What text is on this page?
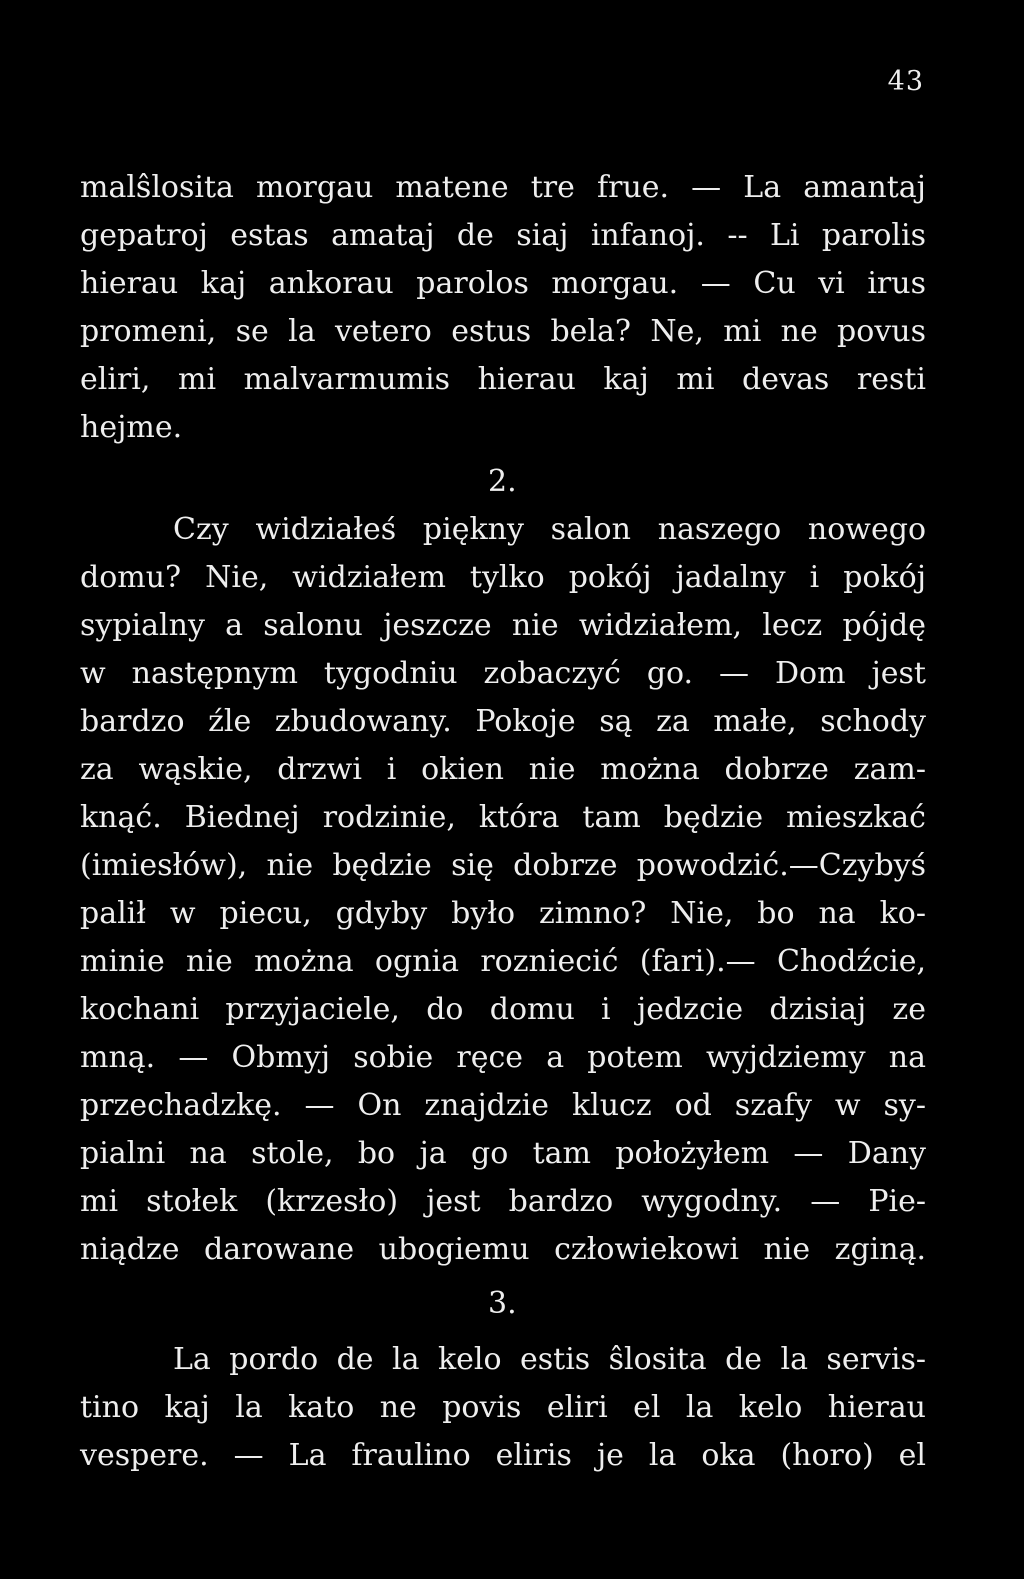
43
malŝlosita morgau matene tre frue. — La amantaj
gepatroj estas amataj de siaj infanoj. -- Li parolis
hierau kaj ankorau parolos morgau. — Cu vi irus
promeni, se la vetero estus bela? Ne, mi ne povus
eliri, mi malvarmumis hierau kaj mi devas resti
hejme.
2.
Czy widziałeś piękny salon naszego nowego
domu? Nie, widziałem tylko pokój jadalny i pokój
sypialny a salonu jeszcze nie widziałem, lecz pójdę
w następnym tygodniu zobaczyć go. — Dom jest
bardzo źle zbudowany. Pokoje są za małe, schody
za wąskie, drzwi i okien nie można dobrze zam-
knąć. Biednej rodzinie, która tam będzie mieszkać
(imiesłów), nie będzie się dobrze powodzić.—Czybyś
palił w piecu, gdyby było zimno? Nie, bo na ko-
minie nie można ognia rozniecić (fari).— Chodźcie,
kochani przyjaciele, do domu i jedzcie dzisiaj ze
mną. — Obmyj sobie ręce a potem wyjdziemy na
przechadzkę. — On znajdzie klucz od szafy w sy-
pialni na stole, bo ja go tam położyłem — Dany
mi stołek (krzesło) jest bardzo wygodny. — Pie-
niądze darowane ubogiemu człowiekowi nie zginą.
3.
La pordo de la kelo estis ŝlosita de la servis-
tino kaj la kato ne povis eliri el la kelo hierau
vespere. — La fraulino eliris je la oka (horo) el
